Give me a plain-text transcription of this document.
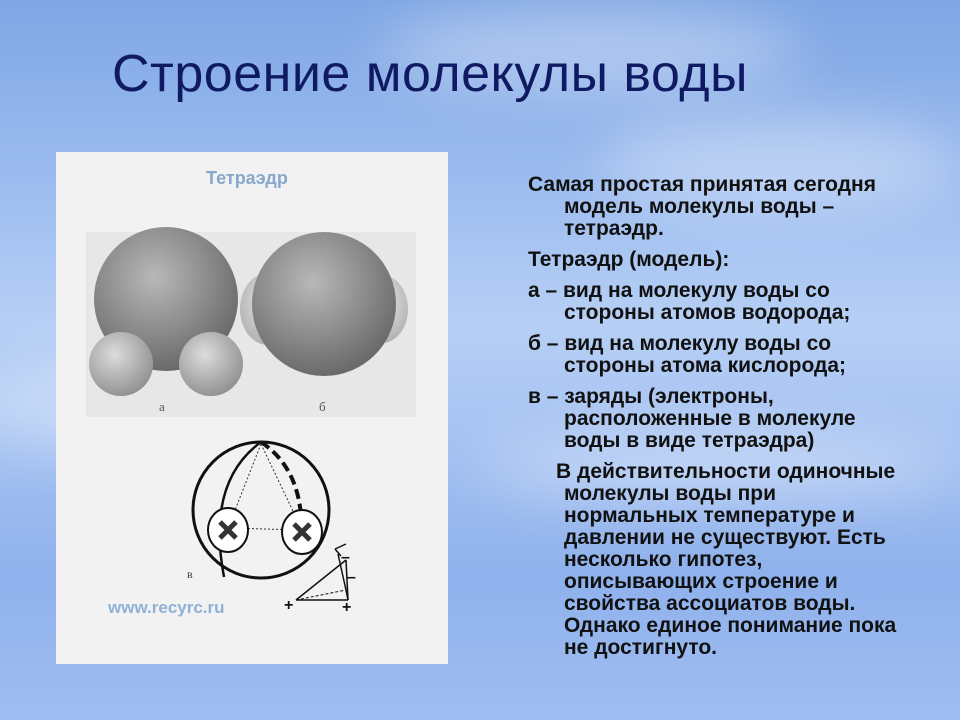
Строение молекулы воды
Тетраэдр
а	б
в
–
–
+	+
www.recyrc.ru

Самая простая принятая сегодня модель молекулы воды – тетраэдр.

Тетраэдр (модель):

а – вид на молекулу воды со стороны атомов водорода;

б – вид на молекулу воды со стороны атома кислорода;

в – заряды (электроны, расположенные в молекуле воды в виде тетраэдра)

В действительности одиночные молекулы воды при нормальных температуре и давлении не существуют. Есть несколько гипотез, описывающих строение и свойства ассоциатов воды. Однако единое понимание пока не достигнуто.
